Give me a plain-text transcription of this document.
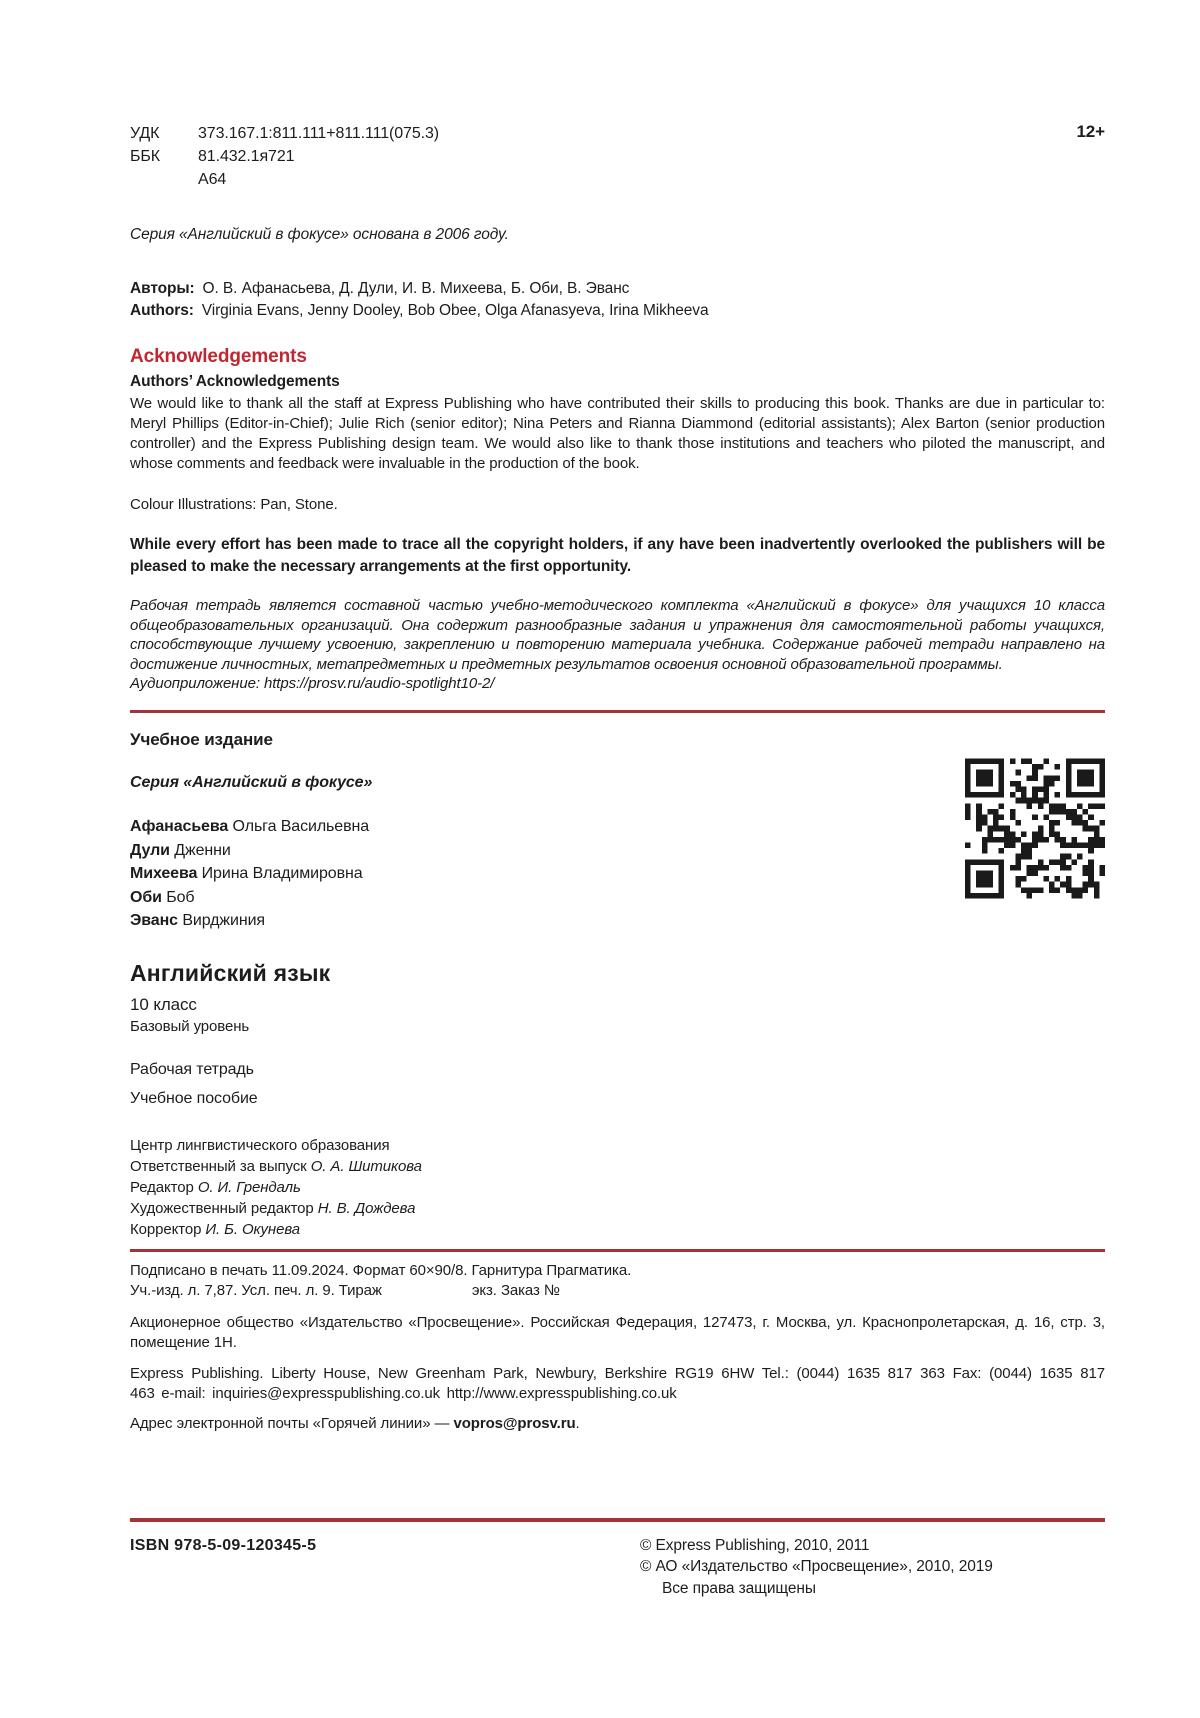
УДК	373.167.1:811.111+811.111(075.3)
ББК	81.432.1я721
А64
12+

Серия «Английский в фокусе» основана в 2006 году.

Авторы: О. В. Афанасьева, Д. Дули, И. В. Михеева, Б. Оби, В. Эванс
Authors: Virginia Evans, Jenny Dooley, Bob Obee, Olga Afanasyeva, Irina Mikheeva
Acknowledgements
Authors’ Acknowledgements

We would like to thank all the staff at Express Publishing who have contributed their skills to producing this book. Thanks are due in particular to: Meryl Phillips (Editor-in-Chief); Julie Rich (senior editor); Nina Peters and Rianna Diammond (editorial assistants); Alex Barton (senior production controller) and the Express Publishing design team. We would also like to thank those institutions and teachers who piloted the manuscript, and whose comments and feedback were invaluable in the production of the book.

Colour Illustrations: Pan, Stone.

While every effort has been made to trace all the copyright holders, if any have been inadvertently overlooked the publishers will be pleased to make the necessary arrangements at the first opportunity.

Рабочая тетрадь является составной частью учебно-методического комплекта «Английский в фокусе» для учащихся 10 класса общеобразовательных организаций. Она содержит разнообразные задания и упражнения для самостоятельной работы учащихся, способствующие лучшему усвоению, закреплению и повторению материала учебника. Содержание рабочей тетради направлено на достижение личностных, метапредметных и предметных результатов освоения основной образовательной программы.

Аудиоприложение: https://prosv.ru/audio-spotlight10-2/

Учебное издание

Серия «Английский в фокусе»

Афанасьева Ольга Васильевна
Дули Дженни
Михеева Ирина Владимировна
Оби Боб
Эванс Вирджиния
Английский язык

10 класс

Базовый уровень

Рабочая тетрадь

Учебное пособие

Центр лингвистического образования
Ответственный за выпуск О. А. Шитикова
Редактор О. И. Грендаль
Художественный редактор Н. В. Дождева
Корректор И. Б. Окунева
Подписано в печать 11.09.2024. Формат 60×90/8. Гарнитура Прагматика.
Уч.-изд. л. 7,87. Усл. печ. л. 9. Тираж	экз. Заказ №

Акционерное общество «Издательство «Просвещение». Российская Федерация, 127473, г. Москва, ул. Краснопролетарская, д. 16, стр. 3, помещение 1Н.

Express Publishing. Liberty House, New Greenham Park, Newbury, Berkshire RG19 6HW Tel.: (0044) 1635 817 363 Fax: (0044) 1635 817 463 e-mail: inquiries@expresspublishing.co.uk http://www.expresspublishing.co.uk

Адрес электронной почты «Горячей линии» — vopros@prosv.ru.

ISBN 978-5-09-120345-5	© Express Publishing, 2010, 2011
© АО «Издательство «Просвещение», 2010, 2019
Все права защищены
